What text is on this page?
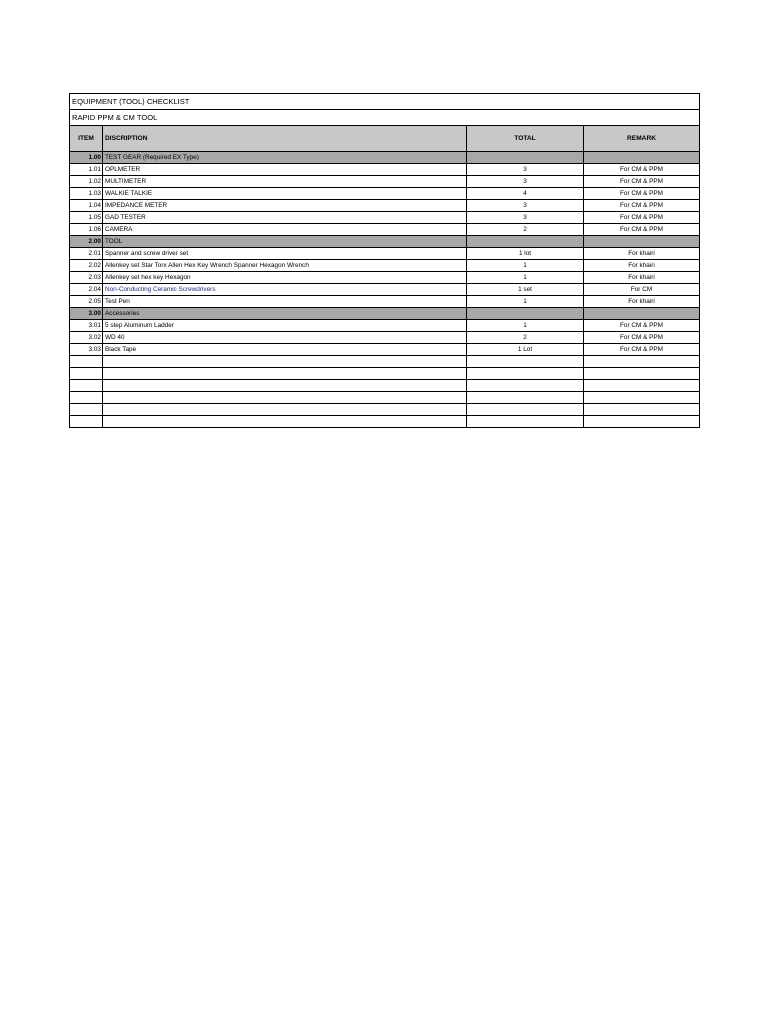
EQUIPMENT (TOOL) CHECKLIST			
RAPID PPM & CM TOOL			
ITEM	DISCRIPTION	TOTAL	REMARK
1.00	TEST GEAR (Required EX Type)		
1.01	OPLMETER	3	For CM & PPM
1.02	MULTIMETER	3	For CM & PPM
1.03	WALKIE TALKIE	4	For CM & PPM
1.04	IMPEDANCE METER	3	For CM & PPM
1.05	GAD TESTER	3	For CM & PPM
1.06	CAMERA	2	For CM & PPM
2.00	TOOL		
2.01	Spanner and screw driver set	1 lot	For khairi
2.02	Allenkey set Star Torx Allen Hex Key Wrench Spanner Hexagon Wrench	1	For khairi
2.03	Allenkey set hex key Hexagon	1	For khairi
2.04	Non-Conducting Ceramic Screwdrivers	1 set	For CM
2.05	Test Pen	1	For khairi
3.00	Accessories		
3.01	5 step Aluminum Ladder	1	For CM & PPM
3.02	WD 40	2	For CM & PPM
3.03	Black Tape	1 Lot	For CM & PPM
